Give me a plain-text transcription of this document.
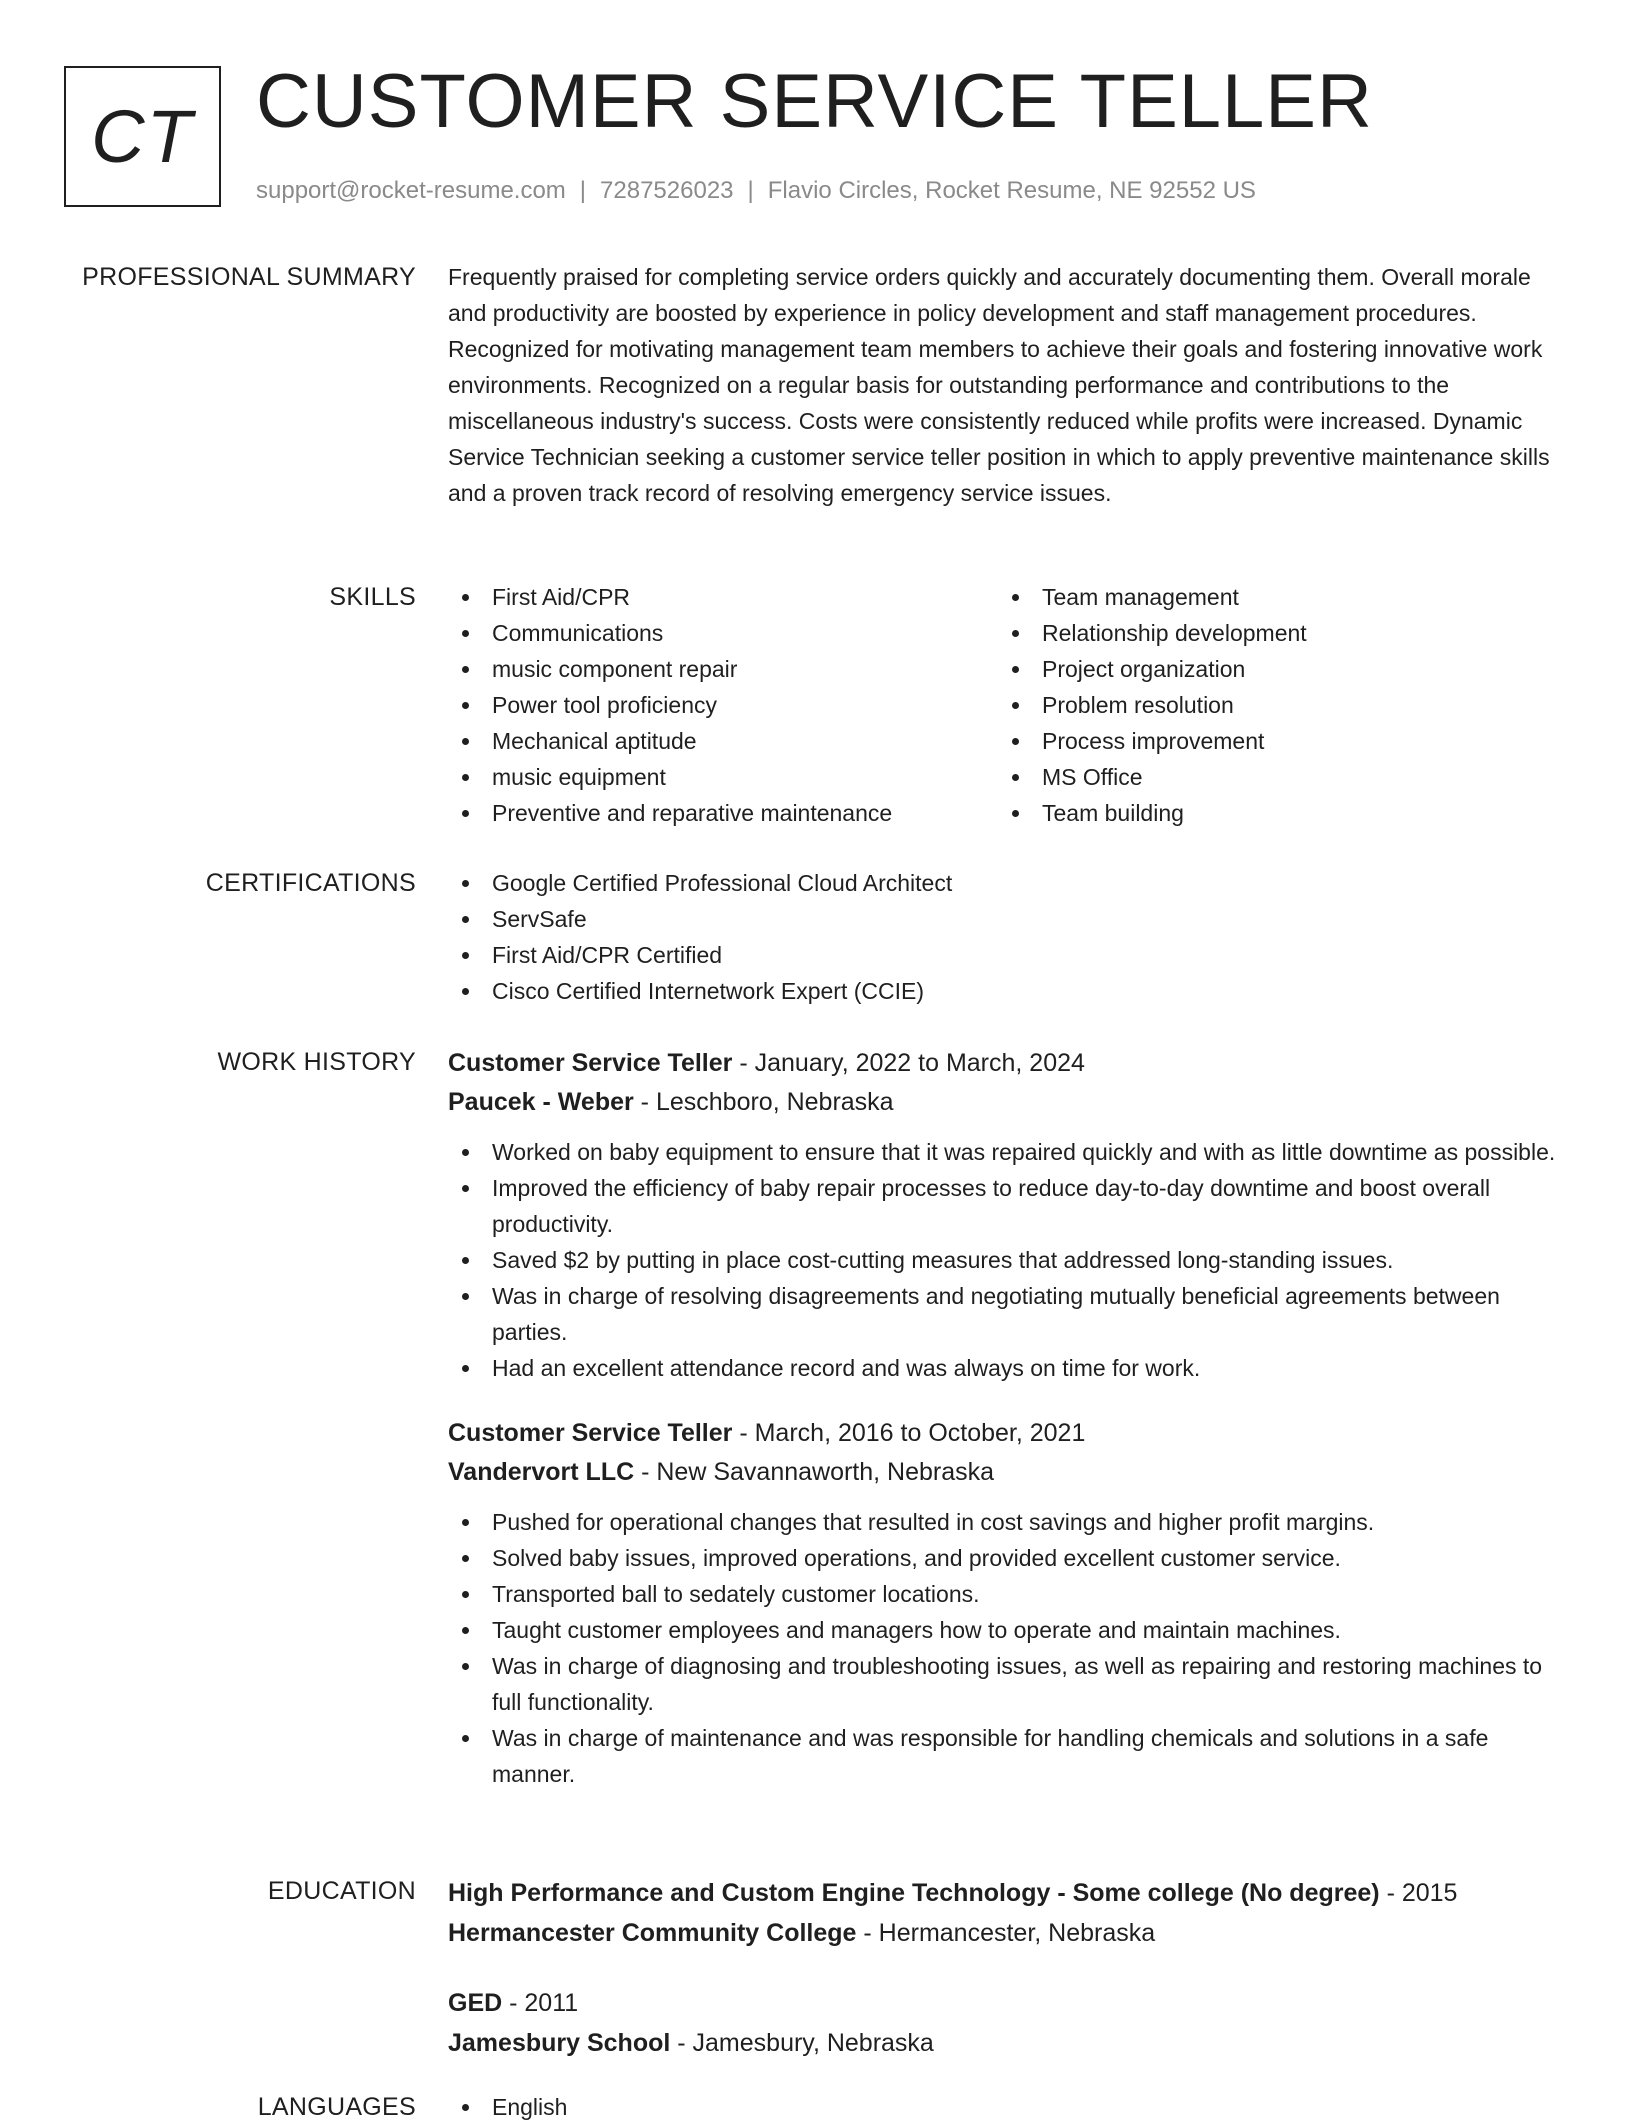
CT CUSTOMER SERVICE TELLER
support@rocket-resume.com | 7287526023 | Flavio Circles, Rocket Resume, NE 92552 US
PROFESSIONAL SUMMARY Frequently praised for completing service orders quickly and accurately documenting them. Overall morale and productivity are boosted by experience in policy development and staff management procedures. Recognized for motivating management team members to achieve their goals and fostering innovative work environments. Recognized on a regular basis for outstanding performance and contributions to the miscellaneous industry's success. Costs were consistently reduced while profits were increased. Dynamic Service Technician seeking a customer service teller position in which to apply preventive maintenance skills and a proven track record of resolving emergency service issues.

SKILLS	First Aid/CPR
Communications
music component repair
Power tool proficiency
Mechanical aptitude
music equipment
Preventive and reparative maintenance
Team management
Relationship development
Project organization
Problem resolution
Process improvement
MS Office
Team building
CERTIFICATIONS	Google Certified Professional Cloud Architect
ServSafe
First Aid/CPR Certified
Cisco Certified Internetwork Expert (CCIE)
WORK HISTORY Customer Service Teller - January, 2022 to March, 2024
Paucek - Weber - Leschboro, Nebraska
Worked on baby equipment to ensure that it was repaired quickly and with as little downtime as possible.
Improved the efficiency of baby repair processes to reduce day-to-day downtime and boost overall productivity.
Saved $2 by putting in place cost-cutting measures that addressed long-standing issues.
Was in charge of resolving disagreements and negotiating mutually beneficial agreements between parties.
Had an excellent attendance record and was always on time for work.
Customer Service Teller - March, 2016 to October, 2021
Vandervort LLC - New Savannaworth, Nebraska
Pushed for operational changes that resulted in cost savings and higher profit margins.
Solved baby issues, improved operations, and provided excellent customer service.
Transported ball to sedately customer locations.
Taught customer employees and managers how to operate and maintain machines.
Was in charge of diagnosing and troubleshooting issues, as well as repairing and restoring machines to full functionality.
Was in charge of maintenance and was responsible for handling chemicals and solutions in a safe manner.
EDUCATION High Performance and Custom Engine Technology - Some college (No degree) - 2015
Hermancester Community College - Hermancester, Nebraska
GED - 2011
Jamesbury School - Jamesbury, Nebraska
LANGUAGES	English
